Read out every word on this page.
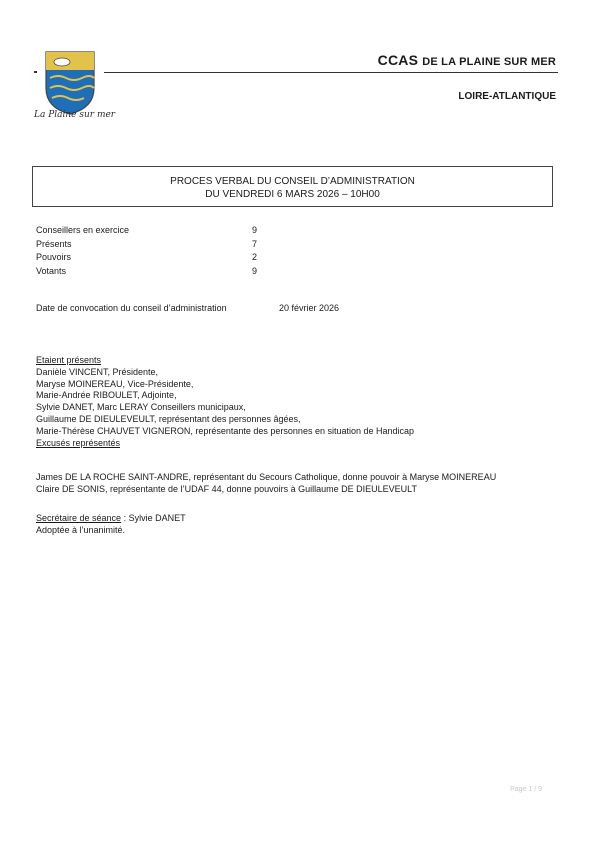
La Plaine sur mer
CCAS DE LA PLAINE SUR MER
LOIRE-ATLANTIQUE
PROCES VERBAL DU CONSEIL D’ADMINISTRATION
DU VENDREDI 6 MARS 2026 – 10H00
Conseillers en exercice	9
Présents	7
Pouvoirs	2
Votants	9
Date de convocation du conseil d’administration	20 février 2026
Etaient présents
Danièle VINCENT, Présidente,
Maryse MOINEREAU, Vice-Présidente,
Marie-Andrée RIBOULET, Adjointe,
Sylvie DANET, Marc LERAY Conseillers municipaux,
Guillaume DE DIEULEVEULT, représentant des personnes âgées,
Marie-Thérèse CHAUVET VIGNERON, représentante des personnes en situation de Handicap
Excusés représentés
James DE LA ROCHE SAINT-ANDRE, représentant du Secours Catholique, donne pouvoir à Maryse MOINEREAU
Claire DE SONIS, représentante de l’UDAF 44, donne pouvoirs à Guillaume DE DIEULEVEULT
Secrétaire de séance : Sylvie DANET
Adoptée à l’unanimité.
Page 1 / 9
